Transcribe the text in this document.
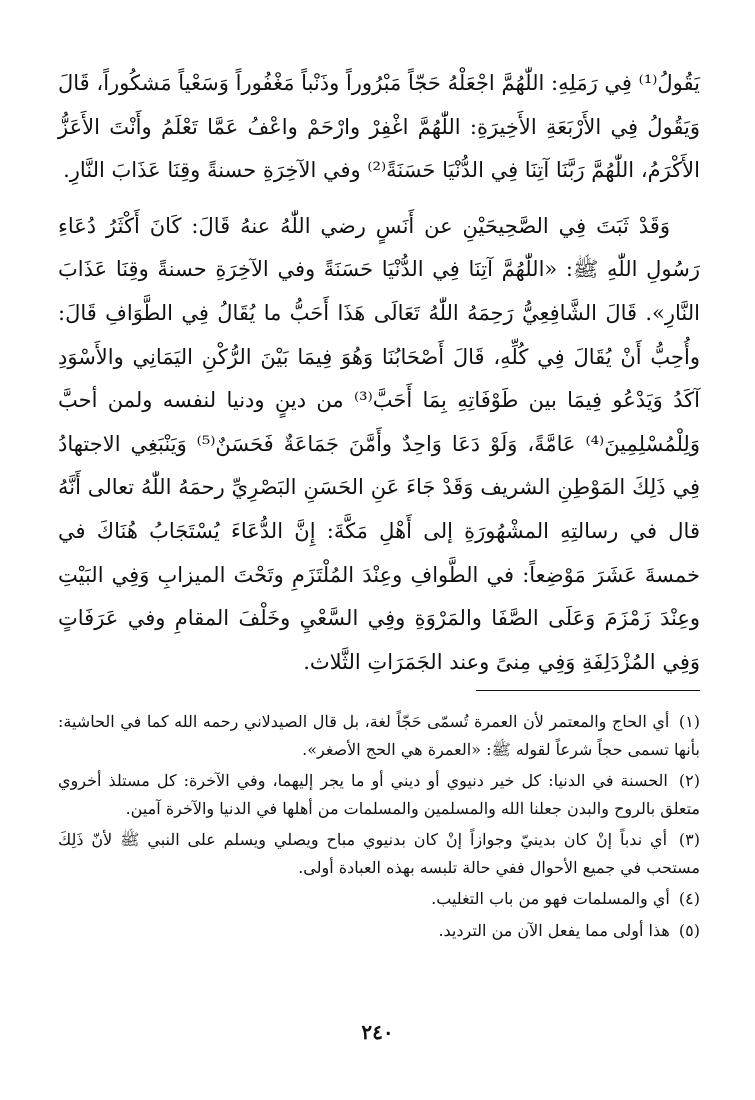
يَقُولُ⁽¹⁾ فِي رَمَلِهِ: اللّٰهُمَّ اجْعَلْهُ حَجّاً مَبْرُوراً وذَنْباً مَغْفُوراً وَسَعْياً مَشكُوراً، قَالَ وَيَقُولُ فِي الأَرْبَعَةِ الأَخِيرَةِ: اللّٰهُمَّ اغْفِرْ وارْحَمْ واعْفُ عَمَّا تَعْلَمُ وأَنْتَ الأَعَزُّ الأَكْرَمُ، اللّٰهُمَّ رَبَّنَا آتِنَا فِي الدُّنْيَا حَسَنَةً⁽²⁾ وفي الآخِرَةِ حسنةً وقِنَا عَذَابَ النَّارِ.

وَقَدْ ثَبَتَ فِي الصَّحِيحَيْنِ عن أَنَسٍ رضي اللّٰهُ عنهُ قَالَ: كَانَ أَكْثَرُ دُعَاءِ رَسُولِ اللّٰهِ ﷺ: «اللّٰهُمَّ آتِنَا فِي الدُّنْيَا حَسَنَةً وفي الآخِرَةِ حسنةً وقِنَا عَذَابَ النَّارِ». قَالَ الشَّافِعِيُّ رَحِمَهُ اللّٰهُ تَعَالَى هَذَا أَحَبُّ ما يُقَالُ فِي الطَّوَافِ قَالَ: وأُحِبُّ أَنْ يُقَالَ فِي كُلِّهِ، قَالَ أَصْحَابُنَا وَهُوَ فِيمَا بَيْنَ الرُّكْنِ اليَمَانِي والأَسْوَدِ آكَدُ وَيَدْعُو فِيمَا بين طَوْفَاتِهِ بِمَا أَحَبَّ⁽³⁾ من دينٍ ودنيا لنفسه ولمن أحبَّ وَلِلْمُسْلِمِينَ⁽⁴⁾ عَامَّةً، وَلَوْ دَعَا وَاحِدٌ وأَمَّنَ جَمَاعَةٌ فَحَسَنٌ⁽⁵⁾ وَيَنْبَغِي الاجتهادُ فِي ذَلِكَ المَوْطِنِ الشريف وَقَدْ جَاءَ عَنِ الحَسَنِ البَصْرِيِّ رحمَهُ اللّٰهُ تعالى أَنَّهُ قال في رسالتِهِ المشْهُورَةِ إلى أَهْلِ مَكَّةَ: إِنَّ الدُّعَاءَ يُسْتَجَابُ هُنَاكَ في خمسةَ عَشَرَ مَوْضِعاً: في الطَّوافِ وعِنْدَ المُلْتَزَمِ وتَحْتَ الميزابِ وَفِي البَيْتِ وعِنْدَ زَمْزَمَ وَعَلَى الصَّفَا والمَرْوَةِ وفِي السَّعْيِ وخَلْفَ المقامِ وفي عَرَفَاتٍ وَفِي المُزْدَلِفَةِ وَفِي مِنىً وعند الجَمَرَاتِ الثَّلاث.

(١) أي الحاج والمعتمر لأن العمرة تُسمّى حَجّاً لغة، بل قال الصيدلاني رحمه الله كما في الحاشية: بأنها تسمى حجاً شرعاً لقوله ﷺ: «العمرة هي الحج الأصغر».

(٢) الحسنة في الدنيا: كل خير دنيوي أو ديني أو ما يجر إليهما، وفي الآخرة: كل مستلذ أخروي متعلق بالروح والبدن جعلنا الله والمسلمين والمسلمات من أهلها في الدنيا والآخرة آمين.

(٣) أي ندباً إنْ كان بدينيّ وجوازاً إنْ كان بدنيوي مباح ويصلي ويسلم على النبي ﷺ لأنّ ذَلِكَ مستحب في جميع الأحوال ففي حالة تلبسه بهذه العبادة أولى.

(٤) أي والمسلمات فهو من باب التغليب.

(٥) هذا أولى مما يفعل الآن من الترديد.

٢٤٠
